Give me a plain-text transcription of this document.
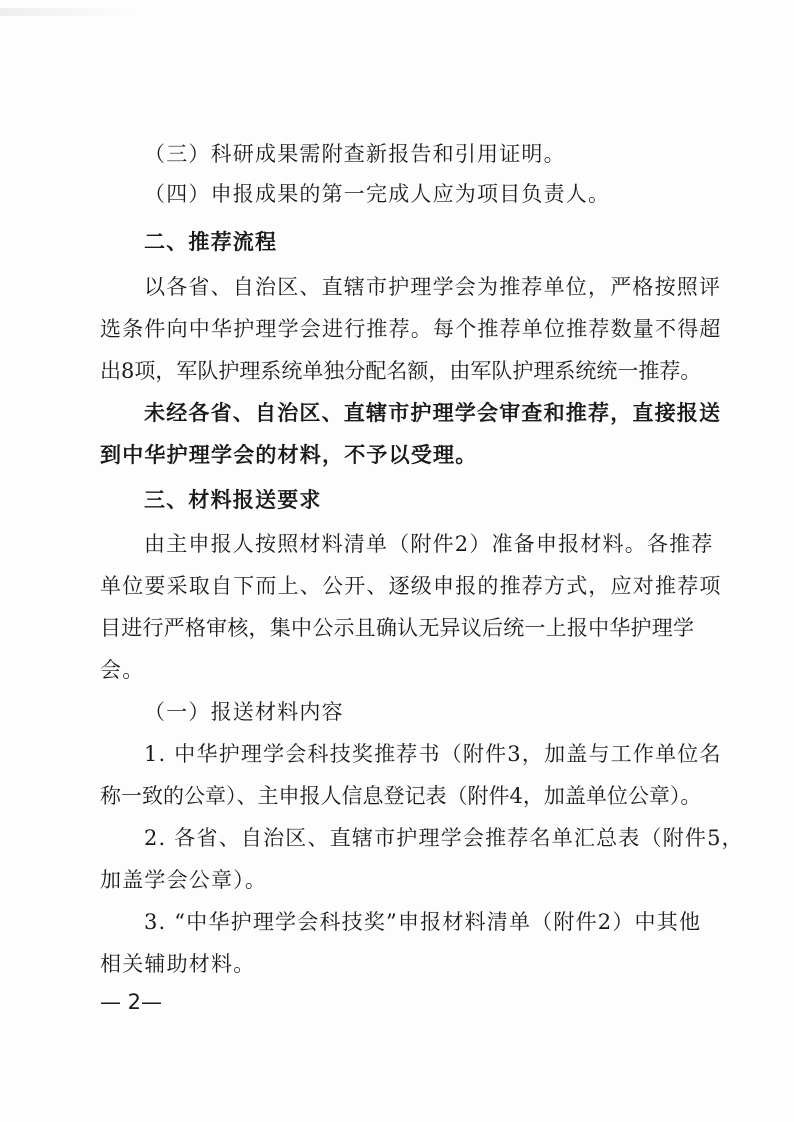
（三）科研成果需附查新报告和引用证明。
（四）申报成果的第一完成人应为项目负责人。
二、推荐流程
以各省、自治区、直辖市护理学会为推荐单位，严格按照评
选条件向中华护理学会进行推荐。每个推荐单位推荐数量不得超
出8项，军队护理系统单独分配名额，由军队护理系统统一推荐。
未经各省、自治区、直辖市护理学会审查和推荐，直接报送
到中华护理学会的材料，不予以受理。
三、材料报送要求
由主申报人按照材料清单（附件2）准备申报材料。各推荐
单位要采取自下而上、公开、逐级申报的推荐方式，应对推荐项
目进行严格审核，集中公示且确认无异议后统一上报中华护理学
会。
（一）报送材料内容
1. 中华护理学会科技奖推荐书（附件3，加盖与工作单位名
称一致的公章）、主申报人信息登记表（附件4，加盖单位公章）。
2. 各省、自治区、直辖市护理学会推荐名单汇总表（附件5，
加盖学会公章）。
3. “中华护理学会科技奖”申报材料清单（附件2）中其他
相关辅助材料。
— 2—
